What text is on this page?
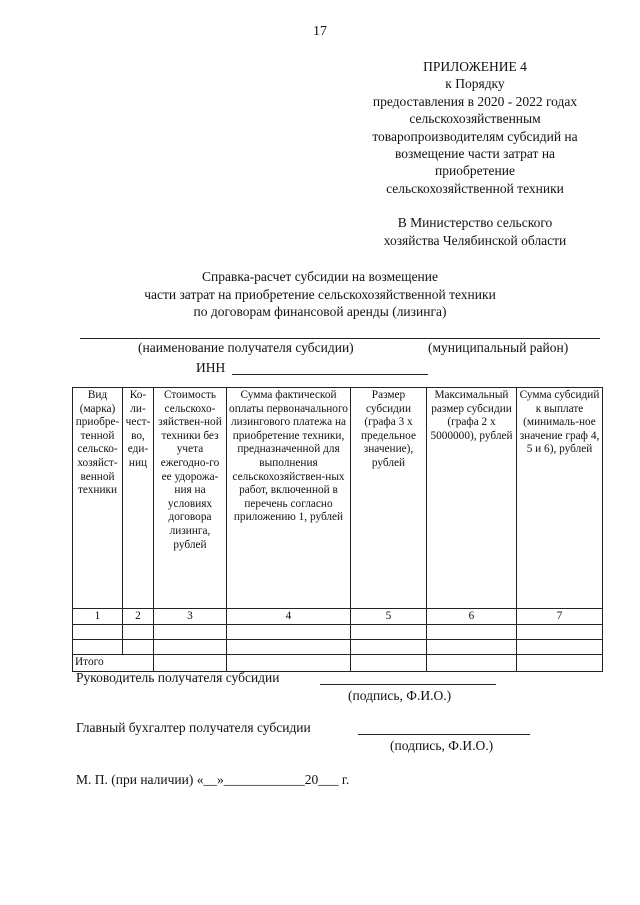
17
ПРИЛОЖЕНИЕ 4
к Порядку
предоставления в 2020 - 2022 годах
сельскохозяйственным
товаропроизводителям субсидий на
возмещение части затрат на
приобретение
сельскохозяйственной техники
В Министерство сельского
хозяйства Челябинской области
Справка-расчет субсидии на возмещение
части затрат на приобретение сельскохозяйственной техники
по договорам финансовой аренды (лизинга)
(наименование получателя субсидии)	(муниципальный район)
ИНН
Вид (марка) приобре-тенной сельско-хозяйст-венной техники	Ко-ли-чест-во, еди-ниц	Стоимость сельскохо-зяйствен-ной техники без учета ежегодно-го ее удорожа-ния на условиях договора лизинга, рублей	Сумма фактической оплаты первоначального лизингового платежа на приобретение техники, предназначенной для выполнения сельскохозяйствен-ных работ, включенной в перечень согласно приложению 1, рублей	Размер субсидии (графа 3 х предельное значение), рублей	Максимальный размер субсидии (графа 2 х 5000000), рублей	Сумма субсидий к выплате (минималь-ное значение граф 4, 5 и 6), рублей
1	2	3	4	5	6	7

Итого						
Руководитель получателя субсидии
(подпись, Ф.И.О.)
Главный бухгалтер получателя субсидии
(подпись, Ф.И.О.)
М. П. (при наличии) «__»____________20___ г.
